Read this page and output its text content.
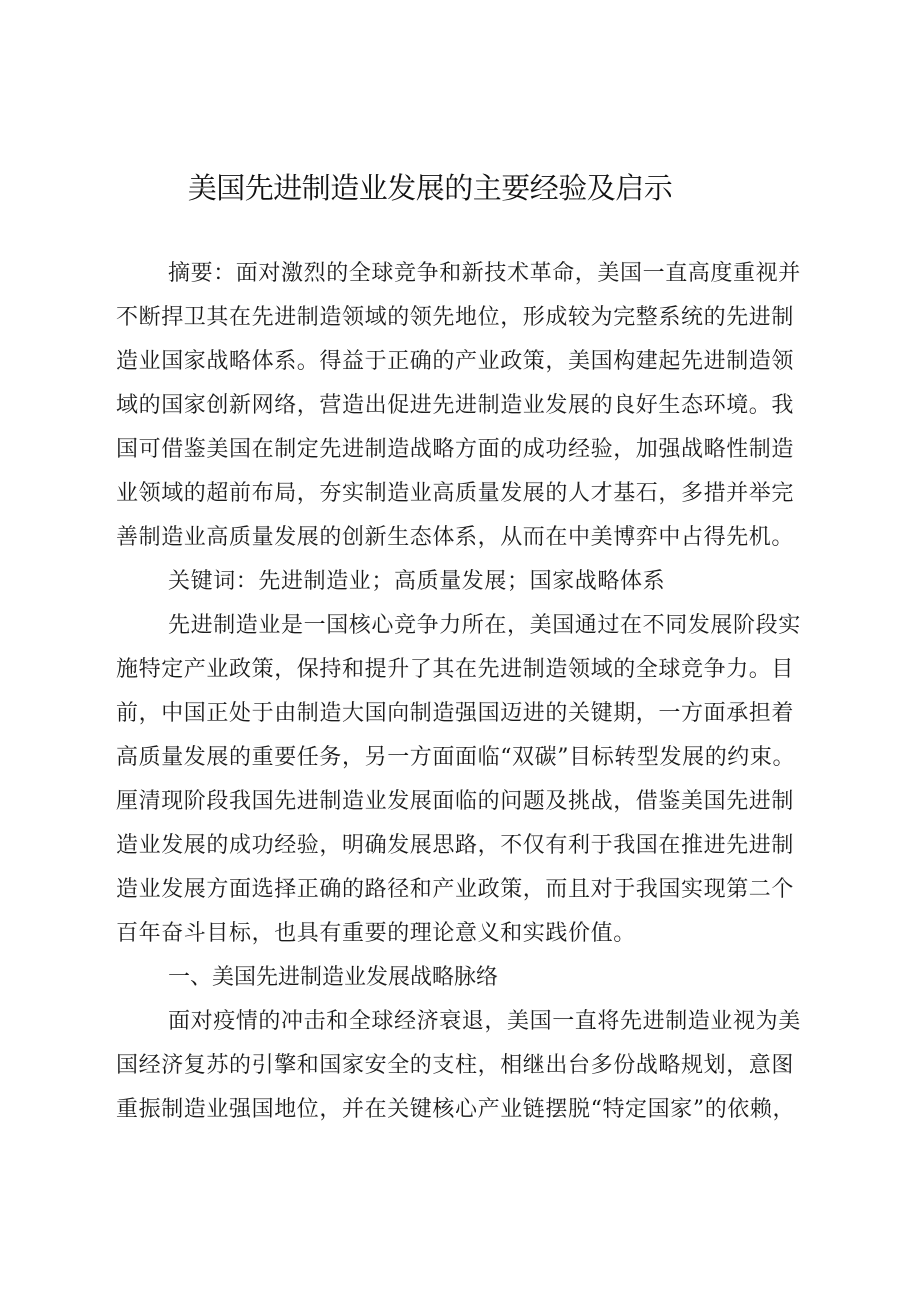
美国先进制造业发展的主要经验及启示
摘要：面对激烈的全球竞争和新技术革命，美国一直高度重视并
不断捍卫其在先进制造领域的领先地位，形成较为完整系统的先进制
造业国家战略体系。得益于正确的产业政策，美国构建起先进制造领
域的国家创新网络，营造出促进先进制造业发展的良好生态环境。我
国可借鉴美国在制定先进制造战略方面的成功经验，加强战略性制造
业领域的超前布局，夯实制造业高质量发展的人才基石，多措并举完
善制造业高质量发展的创新生态体系，从而在中美博弈中占得先机。
关键词：先进制造业；高质量发展；国家战略体系
先进制造业是一国核心竞争力所在，美国通过在不同发展阶段实
施特定产业政策，保持和提升了其在先进制造领域的全球竞争力。目
前，中国正处于由制造大国向制造强国迈进的关键期，一方面承担着
高质量发展的重要任务，另一方面面临“双碳”目标转型发展的约束。
厘清现阶段我国先进制造业发展面临的问题及挑战，借鉴美国先进制
造业发展的成功经验，明确发展思路，不仅有利于我国在推进先进制
造业发展方面选择正确的路径和产业政策，而且对于我国实现第二个
百年奋斗目标，也具有重要的理论意义和实践价值。
一、美国先进制造业发展战略脉络
面对疫情的冲击和全球经济衰退，美国一直将先进制造业视为美
国经济复苏的引擎和国家安全的支柱，相继出台多份战略规划，意图
重振制造业强国地位，并在关键核心产业链摆脱“特定国家”的依赖，
